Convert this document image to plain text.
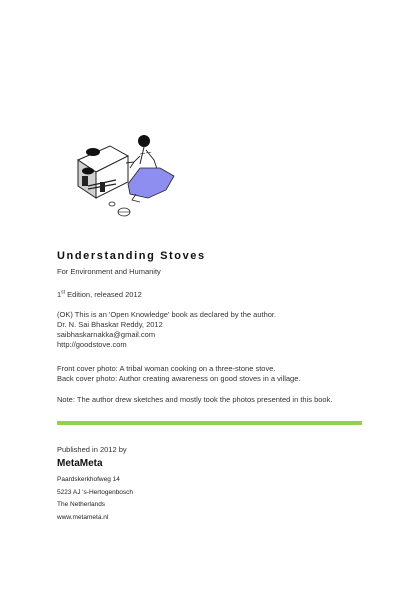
Understanding Stoves
For Environment and Humanity

1st Edition, released 2012

(OK) This is an 'Open Knowledge' book as declared by the author.

Dr. N. Sai Bhaskar Reddy, 2012

saibhaskarnakka@gmail.com

http://goodstove.com

Front cover photo: A tribal woman cooking on a three-stone stove.

Back cover photo: Author creating awareness on good stoves in a village.

Note: The author drew sketches and mostly took the photos presented in this book.

Published in 2012 by

MetaMeta

Paardskerkhofweg 14

5223 AJ 's-Hertogenbosch

The Netherlands

www.metameta.nl
